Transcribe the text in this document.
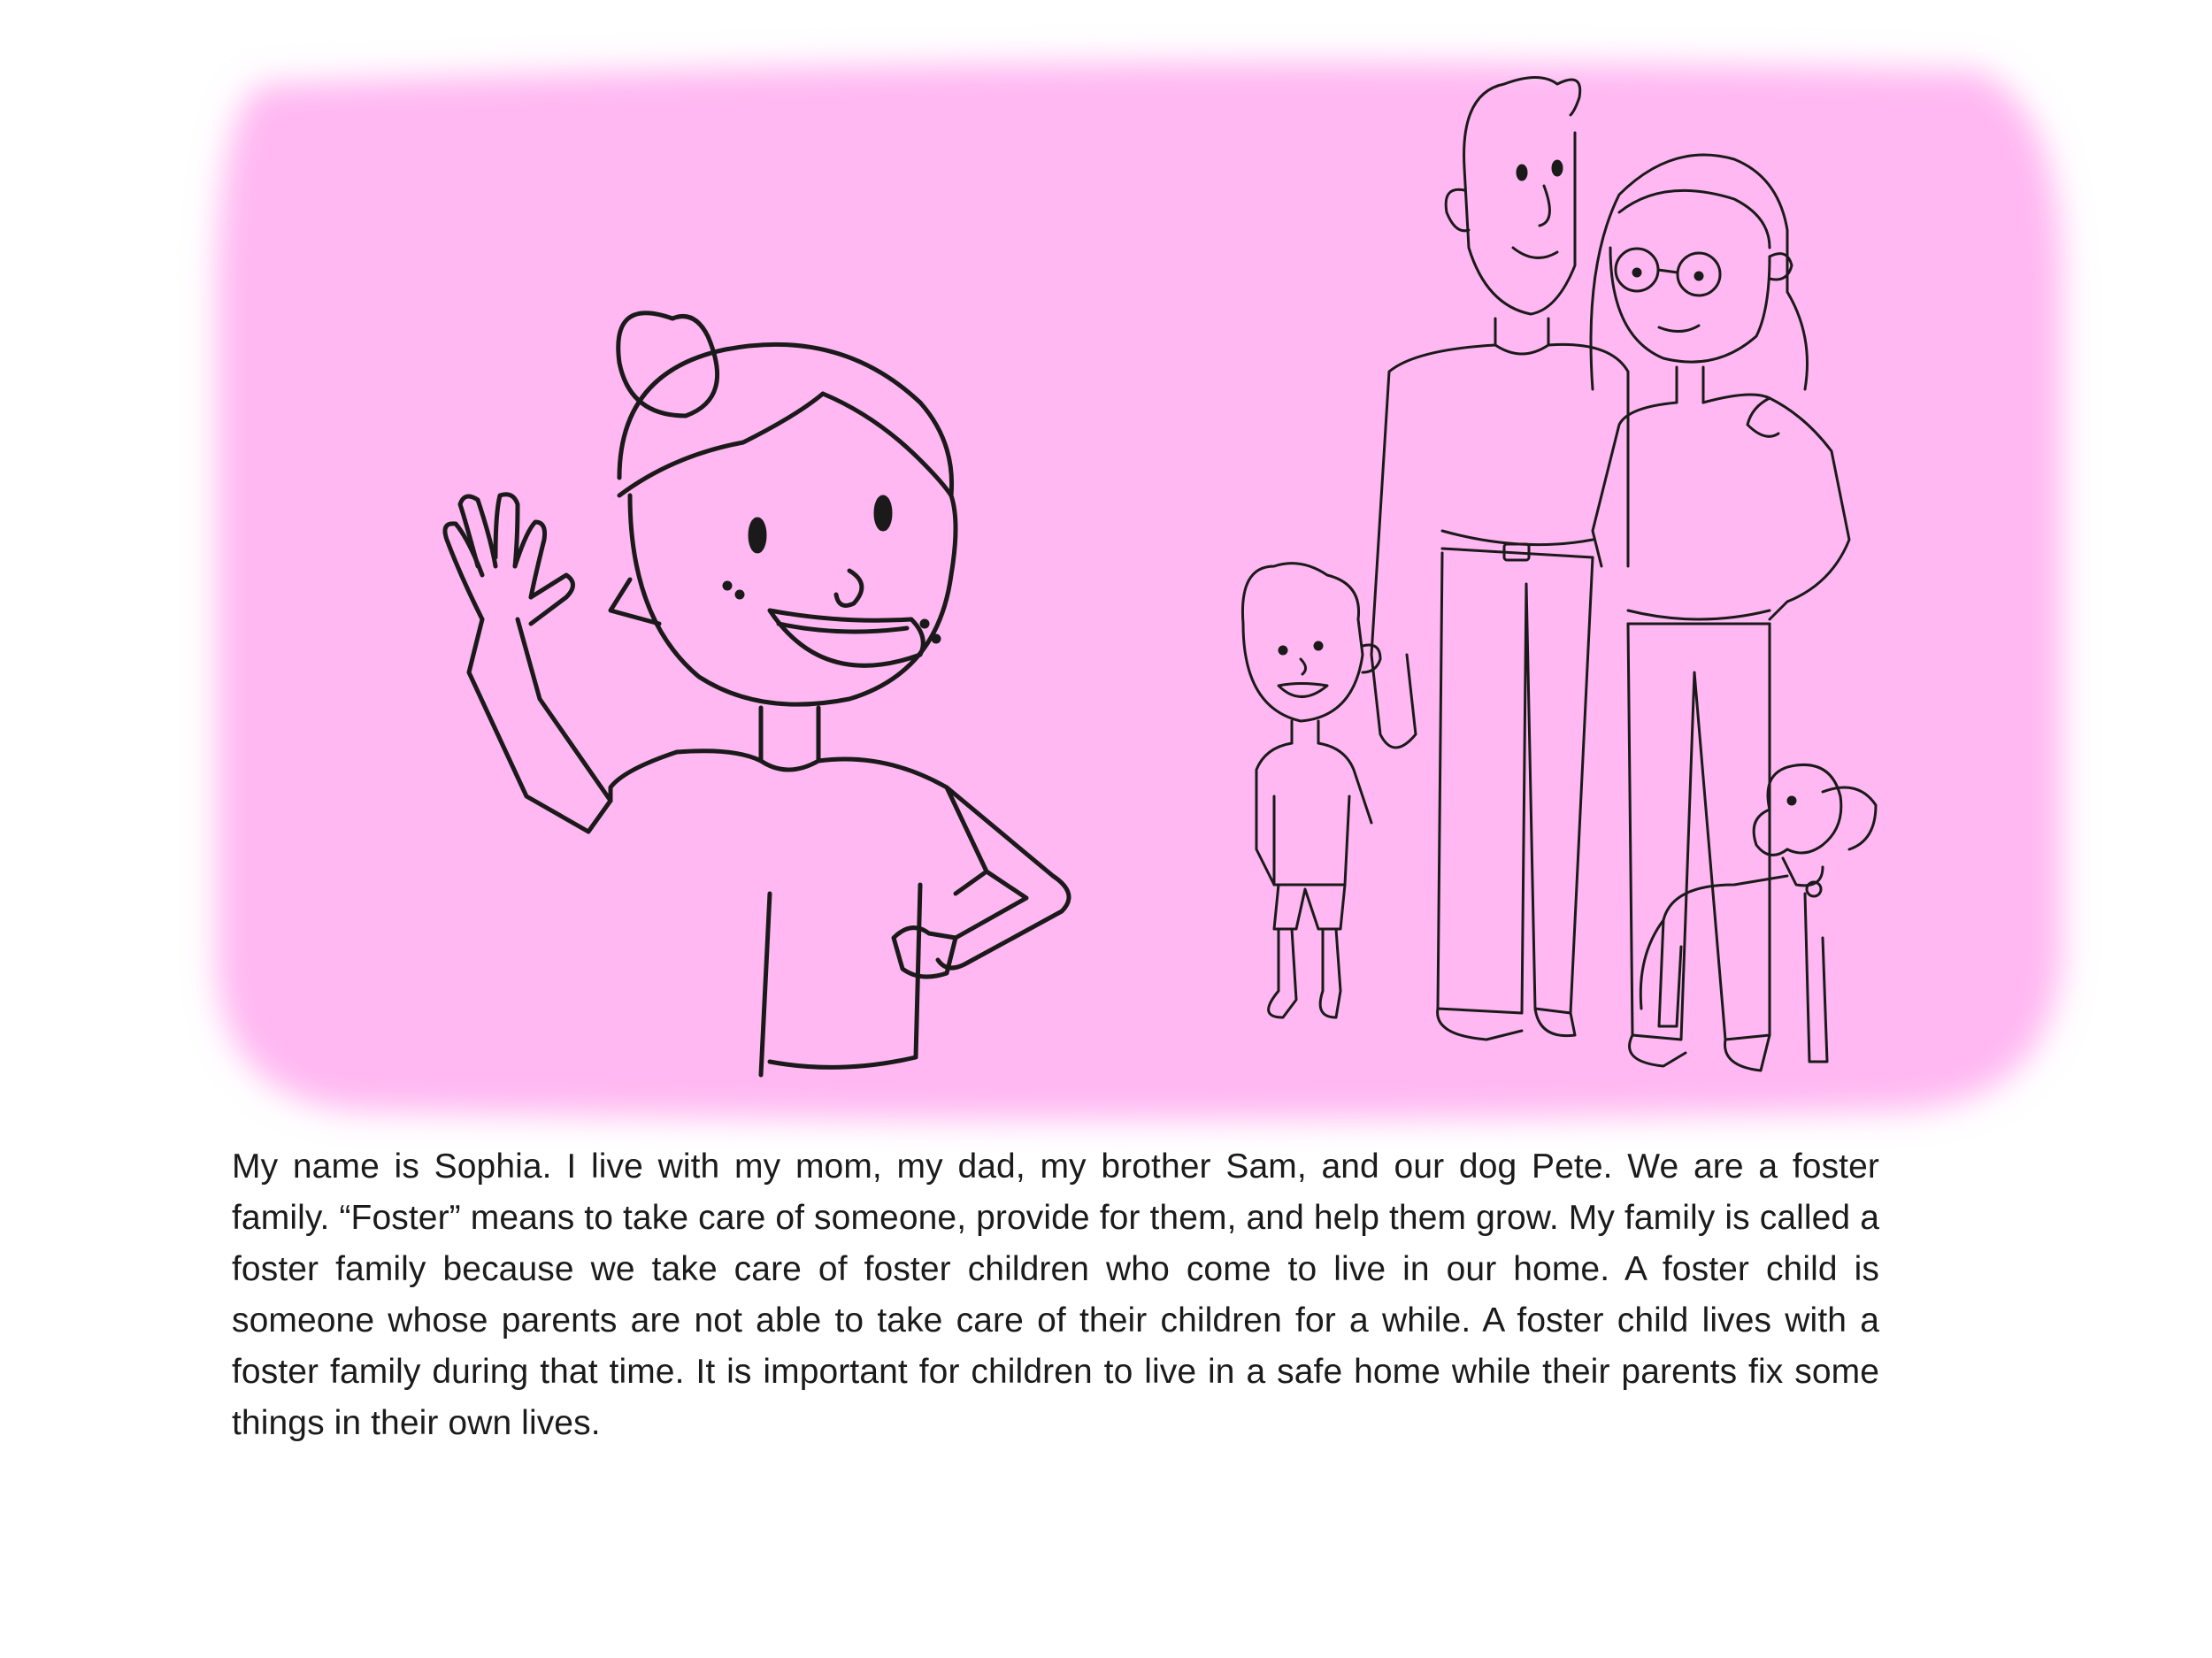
My name is Sophia. I live with my mom, my dad, my brother Sam, and our dog Pete. We are a foster family. “Foster” means to take care of someone, provide for them, and help them grow. My family is called a foster family because we take care of foster children who come to live in our home. A foster child is someone whose parents are not able to take care of their children for a while. A foster child lives with a foster family during that time. It is important for children to live in a safe home while their parents fix some things in their own lives.
